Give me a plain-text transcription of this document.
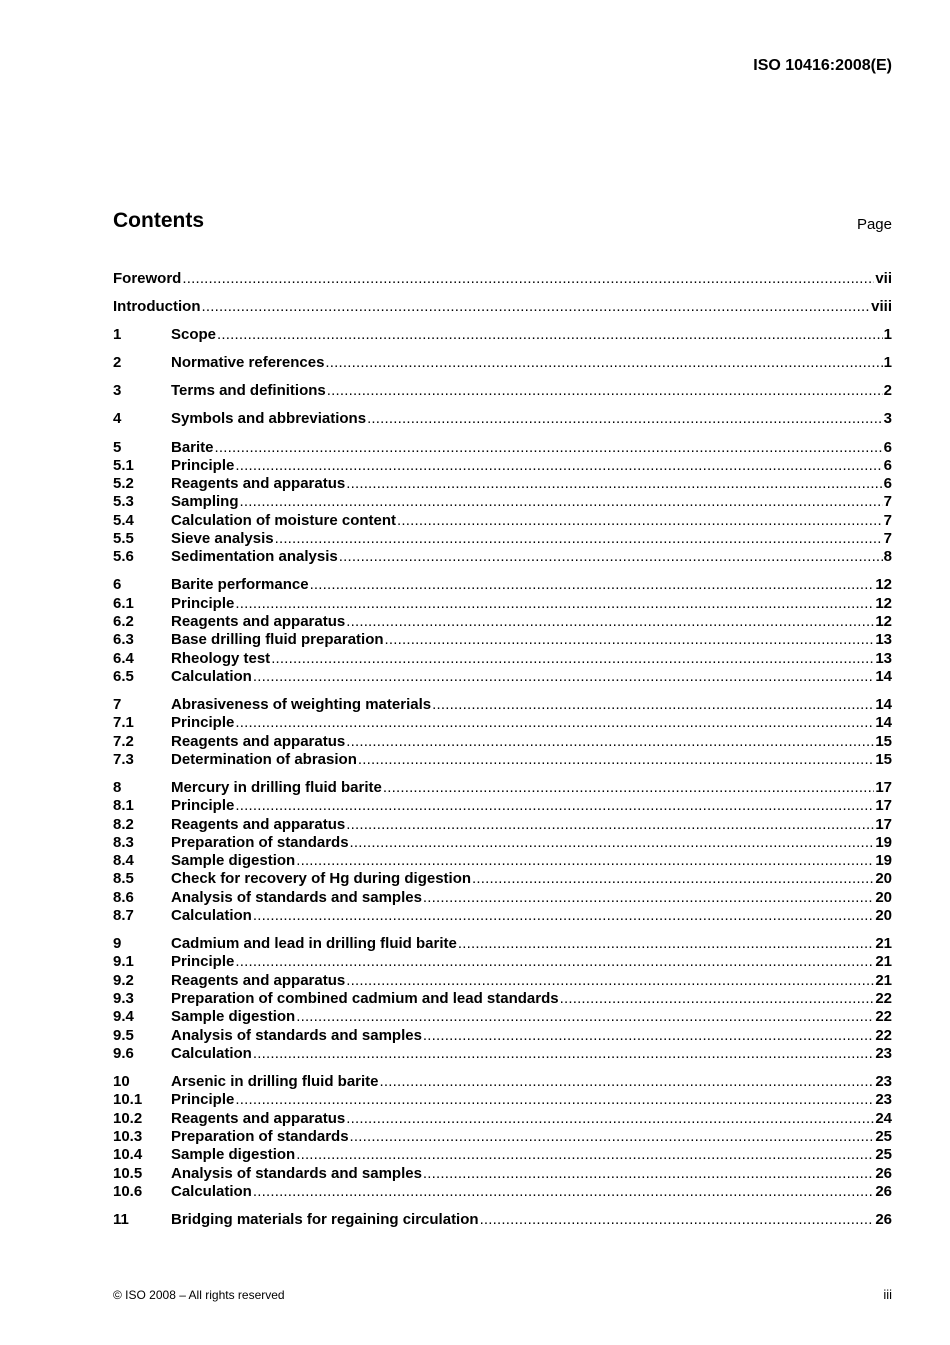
ISO 10416:2008(E)
Contents	Page
Foreword .....	vii
Introduction .....	viii
1	Scope .....	1
2	Normative references .....	1
3	Terms and definitions .....	2
4	Symbols and abbreviations .....	3
5	Barite .....	6
5.1	Principle .....	6
5.2	Reagents and apparatus .....	6
5.3	Sampling .....	7
5.4	Calculation of moisture content .....	7
5.5	Sieve analysis .....	7
5.6	Sedimentation analysis .....	8
6	Barite performance .....	12
6.1	Principle .....	12
6.2	Reagents and apparatus .....	12
6.3	Base drilling fluid preparation .....	13
6.4	Rheology test .....	13
6.5	Calculation .....	14
7	Abrasiveness of weighting materials .....	14
7.1	Principle .....	14
7.2	Reagents and apparatus .....	15
7.3	Determination of abrasion .....	15
8	Mercury in drilling fluid barite .....	17
8.1	Principle .....	17
8.2	Reagents and apparatus .....	17
8.3	Preparation of standards .....	19
8.4	Sample digestion .....	19
8.5	Check for recovery of Hg during digestion .....	20
8.6	Analysis of standards and samples .....	20
8.7	Calculation .....	20
9	Cadmium and lead in drilling fluid barite .....	21
9.1	Principle .....	21
9.2	Reagents and apparatus .....	21
9.3	Preparation of combined cadmium and lead standards .....	22
9.4	Sample digestion .....	22
9.5	Analysis of standards and samples .....	22
9.6	Calculation .....	23
10	Arsenic in drilling fluid barite .....	23
10.1	Principle .....	23
10.2	Reagents and apparatus .....	24
10.3	Preparation of standards .....	25
10.4	Sample digestion .....	25
10.5	Analysis of standards and samples .....	26
10.6	Calculation .....	26
11	Bridging materials for regaining circulation .....	26
© ISO 2008 – All rights reserved	iii
